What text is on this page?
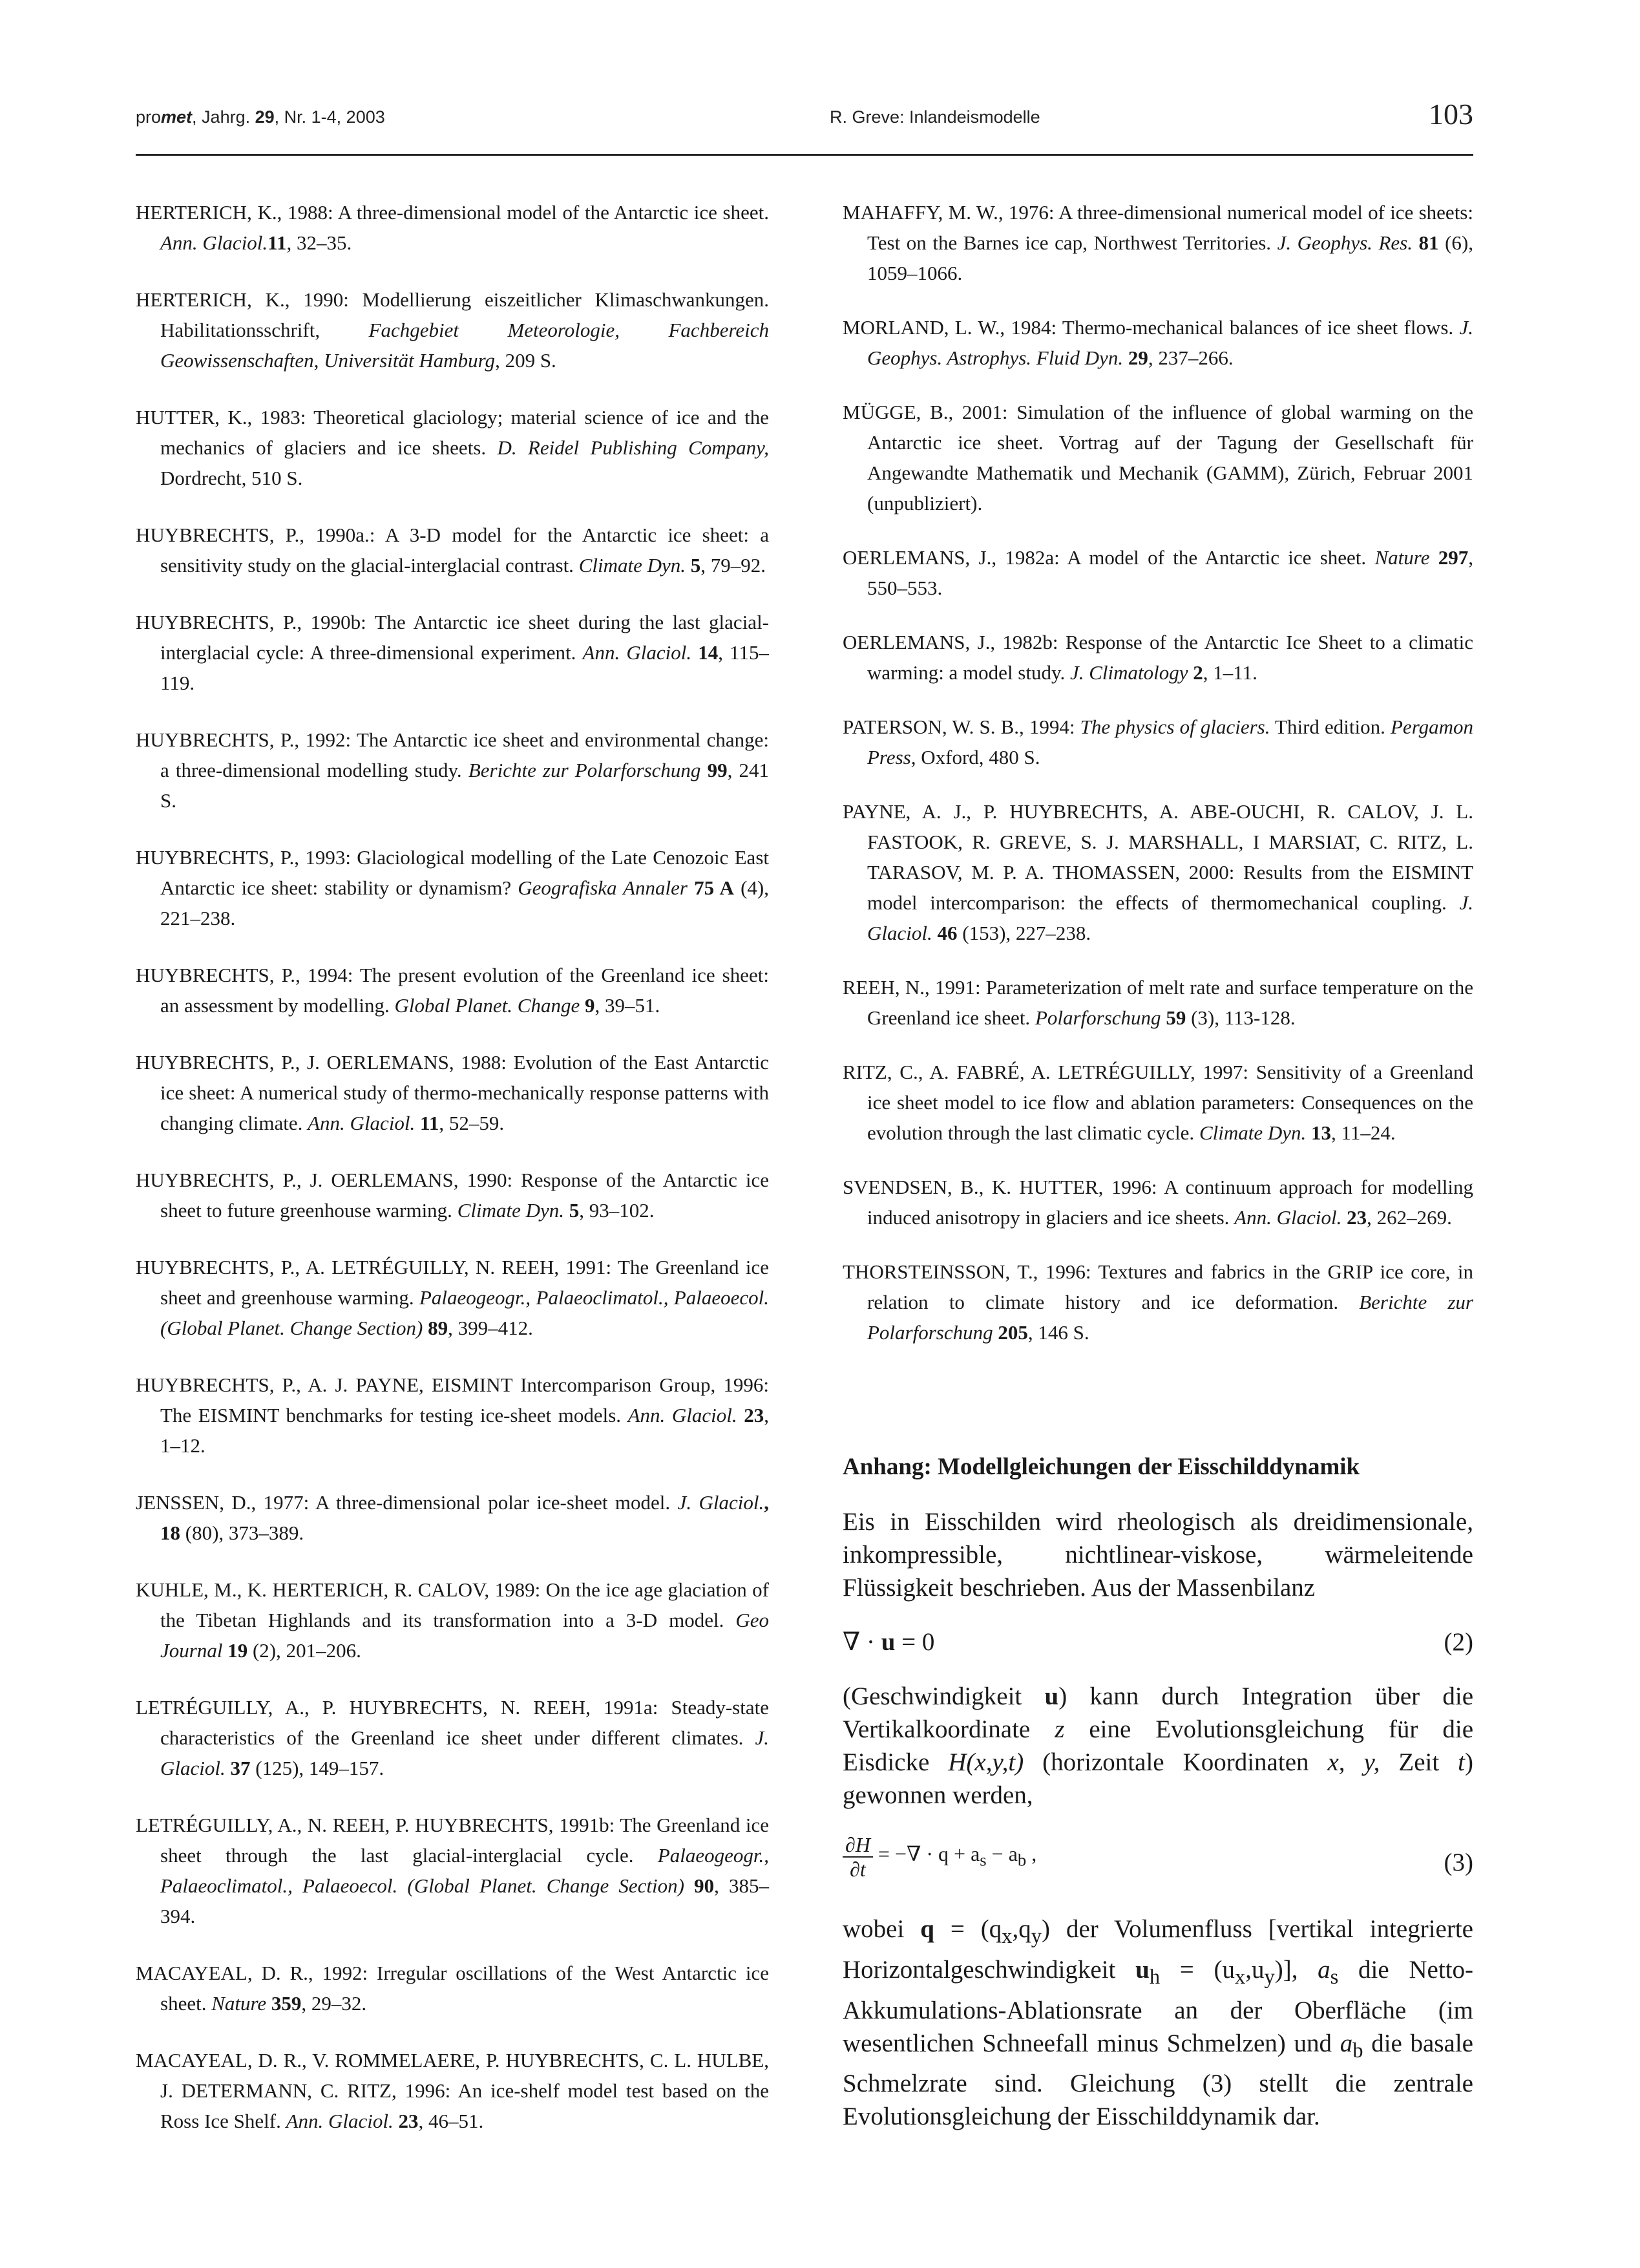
promet, Jahrg. 29, Nr. 1-4, 2003	R. Greve: Inlandeismodelle	103

HERTERICH, K., 1988: A three-dimensional model of the Antarctic ice sheet. Ann. Glaciol.11, 32–35.

HERTERICH, K., 1990: Modellierung eiszeitlicher Klimaschwankungen. Habilitationsschrift, Fachgebiet Meteorologie, Fachbereich Geowissenschaften, Universität Hamburg, 209 S.

HUTTER, K., 1983: Theoretical glaciology; material science of ice and the mechanics of glaciers and ice sheets. D. Reidel Publishing Company, Dordrecht, 510 S.

HUYBRECHTS, P., 1990a.: A 3-D model for the Antarctic ice sheet: a sensitivity study on the glacial-interglacial contrast. Climate Dyn. 5, 79–92.

HUYBRECHTS, P., 1990b: The Antarctic ice sheet during the last glacial-interglacial cycle: A three-dimensional experiment. Ann. Glaciol. 14, 115–119.

HUYBRECHTS, P., 1992: The Antarctic ice sheet and environmental change: a three-dimensional modelling study. Berichte zur Polarforschung 99, 241 S.

HUYBRECHTS, P., 1993: Glaciological modelling of the Late Cenozoic East Antarctic ice sheet: stability or dynamism? Geografiska Annaler 75 A (4), 221–238.

HUYBRECHTS, P., 1994: The present evolution of the Greenland ice sheet: an assessment by modelling. Global Planet. Change 9, 39–51.

HUYBRECHTS, P., J. OERLEMANS, 1988: Evolution of the East Antarctic ice sheet: A numerical study of thermo-mechanically response patterns with changing climate. Ann. Glaciol. 11, 52–59.

HUYBRECHTS, P., J. OERLEMANS, 1990: Response of the Antarctic ice sheet to future greenhouse warming. Climate Dyn. 5, 93–102.

HUYBRECHTS, P., A. LETRÉGUILLY, N. REEH, 1991: The Greenland ice sheet and greenhouse warming. Palaeogeogr., Palaeoclimatol., Palaeoecol. (Global Planet. Change Section) 89, 399–412.

HUYBRECHTS, P., A. J. PAYNE, EISMINT Intercomparison Group, 1996: The EISMINT benchmarks for testing ice-sheet models. Ann. Glaciol. 23, 1–12.

JENSSEN, D., 1977: A three-dimensional polar ice-sheet model. J. Glaciol., 18 (80), 373–389.

KUHLE, M., K. HERTERICH, R. CALOV, 1989: On the ice age glaciation of the Tibetan Highlands and its transformation into a 3-D model. Geo Journal 19 (2), 201–206.

LETRÉGUILLY, A., P. HUYBRECHTS, N. REEH, 1991a: Steady-state characteristics of the Greenland ice sheet under different climates. J. Glaciol. 37 (125), 149–157.

LETRÉGUILLY, A., N. REEH, P. HUYBRECHTS, 1991b: The Greenland ice sheet through the last glacial-interglacial cycle. Palaeogeogr., Palaeoclimatol., Palaeoecol. (Global Planet. Change Section) 90, 385–394.

MACAYEAL, D. R., 1992: Irregular oscillations of the West Antarctic ice sheet. Nature 359, 29–32.

MACAYEAL, D. R., V. ROMMELAERE, P. HUYBRECHTS, C. L. HULBE, J. DETERMANN, C. RITZ, 1996: An ice-shelf model test based on the Ross Ice Shelf. Ann. Glaciol. 23, 46–51.

MAHAFFY, M. W., 1976: A three-dimensional numerical model of ice sheets: Test on the Barnes ice cap, Northwest Territories. J. Geophys. Res. 81 (6), 1059–1066.

MORLAND, L. W., 1984: Thermo-mechanical balances of ice sheet flows. J. Geophys. Astrophys. Fluid Dyn. 29, 237–266.

MÜGGE, B., 2001: Simulation of the influence of global warming on the Antarctic ice sheet. Vortrag auf der Tagung der Gesellschaft für Angewandte Mathematik und Mechanik (GAMM), Zürich, Februar 2001 (unpubliziert).

OERLEMANS, J., 1982a: A model of the Antarctic ice sheet. Nature 297, 550–553.

OERLEMANS, J., 1982b: Response of the Antarctic Ice Sheet to a climatic warming: a model study. J. Climatology 2, 1–11.

PATERSON, W. S. B., 1994: The physics of glaciers. Third edition. Pergamon Press, Oxford, 480 S.

PAYNE, A. J., P. HUYBRECHTS, A. ABE-OUCHI, R. CALOV, J. L. FASTOOK, R. GREVE, S. J. MARSHALL, I MARSIAT, C. RITZ, L. TARASOV, M. P. A. THOMASSEN, 2000: Results from the EISMINT model intercomparison: the effects of thermomechanical coupling. J. Glaciol. 46 (153), 227–238.

REEH, N., 1991: Parameterization of melt rate and surface temperature on the Greenland ice sheet. Polarforschung 59 (3), 113-128.

RITZ, C., A. FABRÉ, A. LETRÉGUILLY, 1997: Sensitivity of a Greenland ice sheet model to ice flow and ablation parameters: Consequences on the evolution through the last climatic cycle. Climate Dyn. 13, 11–24.

SVENDSEN, B., K. HUTTER, 1996: A continuum approach for modelling induced anisotropy in glaciers and ice sheets. Ann. Glaciol. 23, 262–269.

THORSTEINSSON, T., 1996: Textures and fabrics in the GRIP ice core, in relation to climate history and ice deformation. Berichte zur Polarforschung 205, 146 S.

Anhang: Modellgleichungen der Eisschilddynamik

Eis in Eisschilden wird rheologisch als dreidimensionale, inkompressible, nichtlinear-viskose, wärmeleitende Flüssigkeit beschrieben. Aus der Massenbilanz

∇ · u = 0	(2)

(Geschwindigkeit u) kann durch Integration über die Vertikalkoordinate z eine Evolutionsgleichung für die Eisdicke H(x,y,t) (horizontale Koordinaten x, y, Zeit t) gewonnen werden,

$\frac{\partial H}{\partial t}$ = −∇ · $q + a_s - a_b$ ,	(3)

wobei $q = (q_x,q_y)$ der Volumenfluss [vertikal integrierte Horizontalgeschwindigkeit $u_h = (u_x,u_y)$], $a_s$ die Netto-Akkumulations-Ablationsrate an der Oberfläche (im wesentlichen Schneefall minus Schmelzen) und $a_b$ die basale Schmelzrate sind. Gleichung (3) stellt die zentrale Evolutionsgleichung der Eisschilddynamik dar.
